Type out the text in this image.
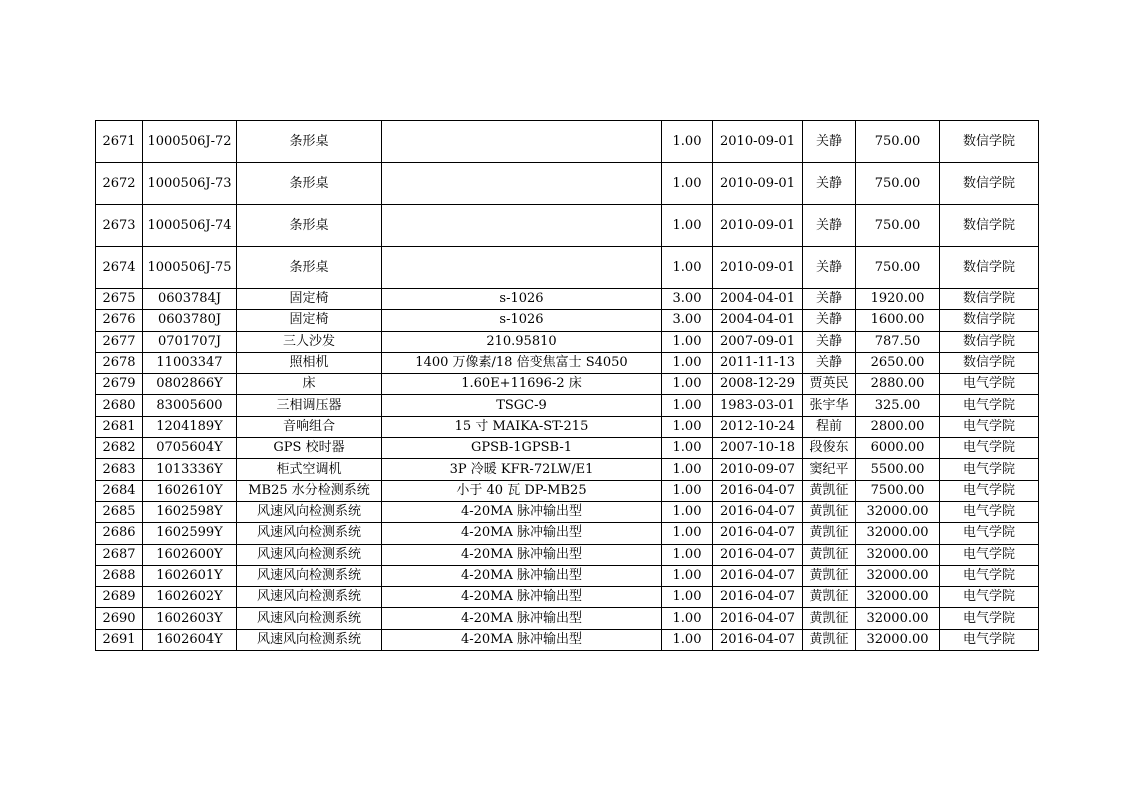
2671	1000506J-72	条形桌		1.00	2010-09-01	关静	750.00	数信学院
2672	1000506J-73	条形桌		1.00	2010-09-01	关静	750.00	数信学院
2673	1000506J-74	条形桌		1.00	2010-09-01	关静	750.00	数信学院
2674	1000506J-75	条形桌		1.00	2010-09-01	关静	750.00	数信学院
2675	0603784J	固定椅	s-1026	3.00	2004-04-01	关静	1920.00	数信学院
2676	0603780J	固定椅	s-1026	3.00	2004-04-01	关静	1600.00	数信学院
2677	0701707J	三人沙发	210.95810	1.00	2007-09-01	关静	787.50	数信学院
2678	11003347	照相机	1400 万像素/18 倍变焦富士 S4050	1.00	2011-11-13	关静	2650.00	数信学院
2679	0802866Y	床	1.60E+11696-2 床	1.00	2008-12-29	贾英民	2880.00	电气学院
2680	83005600	三相调压器	TSGC-9	1.00	1983-03-01	张宇华	325.00	电气学院
2681	1204189Y	音响组合	15 寸 MAIKA-ST-215	1.00	2012-10-24	程前	2800.00	电气学院
2682	0705604Y	GPS 校时器	GPSB-1GPSB-1	1.00	2007-10-18	段俊东	6000.00	电气学院
2683	1013336Y	柜式空调机	3P 冷暖 KFR-72LW/E1	1.00	2010-09-07	窦纪平	5500.00	电气学院
2684	1602610Y	MB25 水分检测系统	小于 40 瓦 DP-MB25	1.00	2016-04-07	黄凯征	7500.00	电气学院
2685	1602598Y	风速风向检测系统	4-20MA 脉冲输出型	1.00	2016-04-07	黄凯征	32000.00	电气学院
2686	1602599Y	风速风向检测系统	4-20MA 脉冲输出型	1.00	2016-04-07	黄凯征	32000.00	电气学院
2687	1602600Y	风速风向检测系统	4-20MA 脉冲输出型	1.00	2016-04-07	黄凯征	32000.00	电气学院
2688	1602601Y	风速风向检测系统	4-20MA 脉冲输出型	1.00	2016-04-07	黄凯征	32000.00	电气学院
2689	1602602Y	风速风向检测系统	4-20MA 脉冲输出型	1.00	2016-04-07	黄凯征	32000.00	电气学院
2690	1602603Y	风速风向检测系统	4-20MA 脉冲输出型	1.00	2016-04-07	黄凯征	32000.00	电气学院
2691	1602604Y	风速风向检测系统	4-20MA 脉冲输出型	1.00	2016-04-07	黄凯征	32000.00	电气学院
